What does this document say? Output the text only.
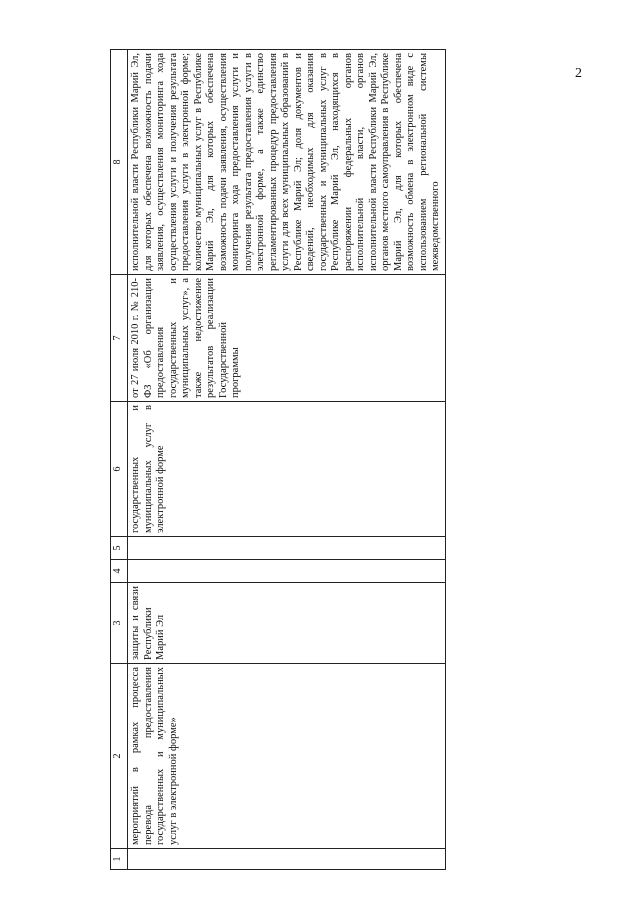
2
1	2	3	4	5	6	7	8
	мероприятий в рамках процесса перевода предоставления государственных и муниципальных услуг в электронной форме»	защиты и связи Республики Марий Эл			государственных и муниципальных услуг в электронной форме	от 27 июля 2010 г. № 210-ФЗ «Об организации предоставления государственных и муниципальных услуг», а также недостижение результатов реализации Государственной программы	исполнительной власти Республики Марий Эл, для которых обеспечена возможность подачи заявления, осуществления мониторинга хода осуществления услуги и получения результата предоставления услуги в электронной форме; количество муниципальных услуг в Республике Марий Эл, для которых обеспечена возможность подачи заявления, осуществления мониторинга хода предоставления услуги и получения результата предоставления услуги в электронной форме, а также единство регламентированных процедур предоставления услуги для всех муниципальных образований в Республике Марий Эл; доля документов и сведений, необходимых для оказания государственных и муниципальных услуг в Республике Марий Эл, находящихся в распоряжении федеральных органов исполнительной власти, органов исполнительной власти Республики Марий Эл, органов местного самоуправления в Республике Марий Эл, для которых обеспечена возможность обмена в электронном виде с использованием региональной системы межведомственного
